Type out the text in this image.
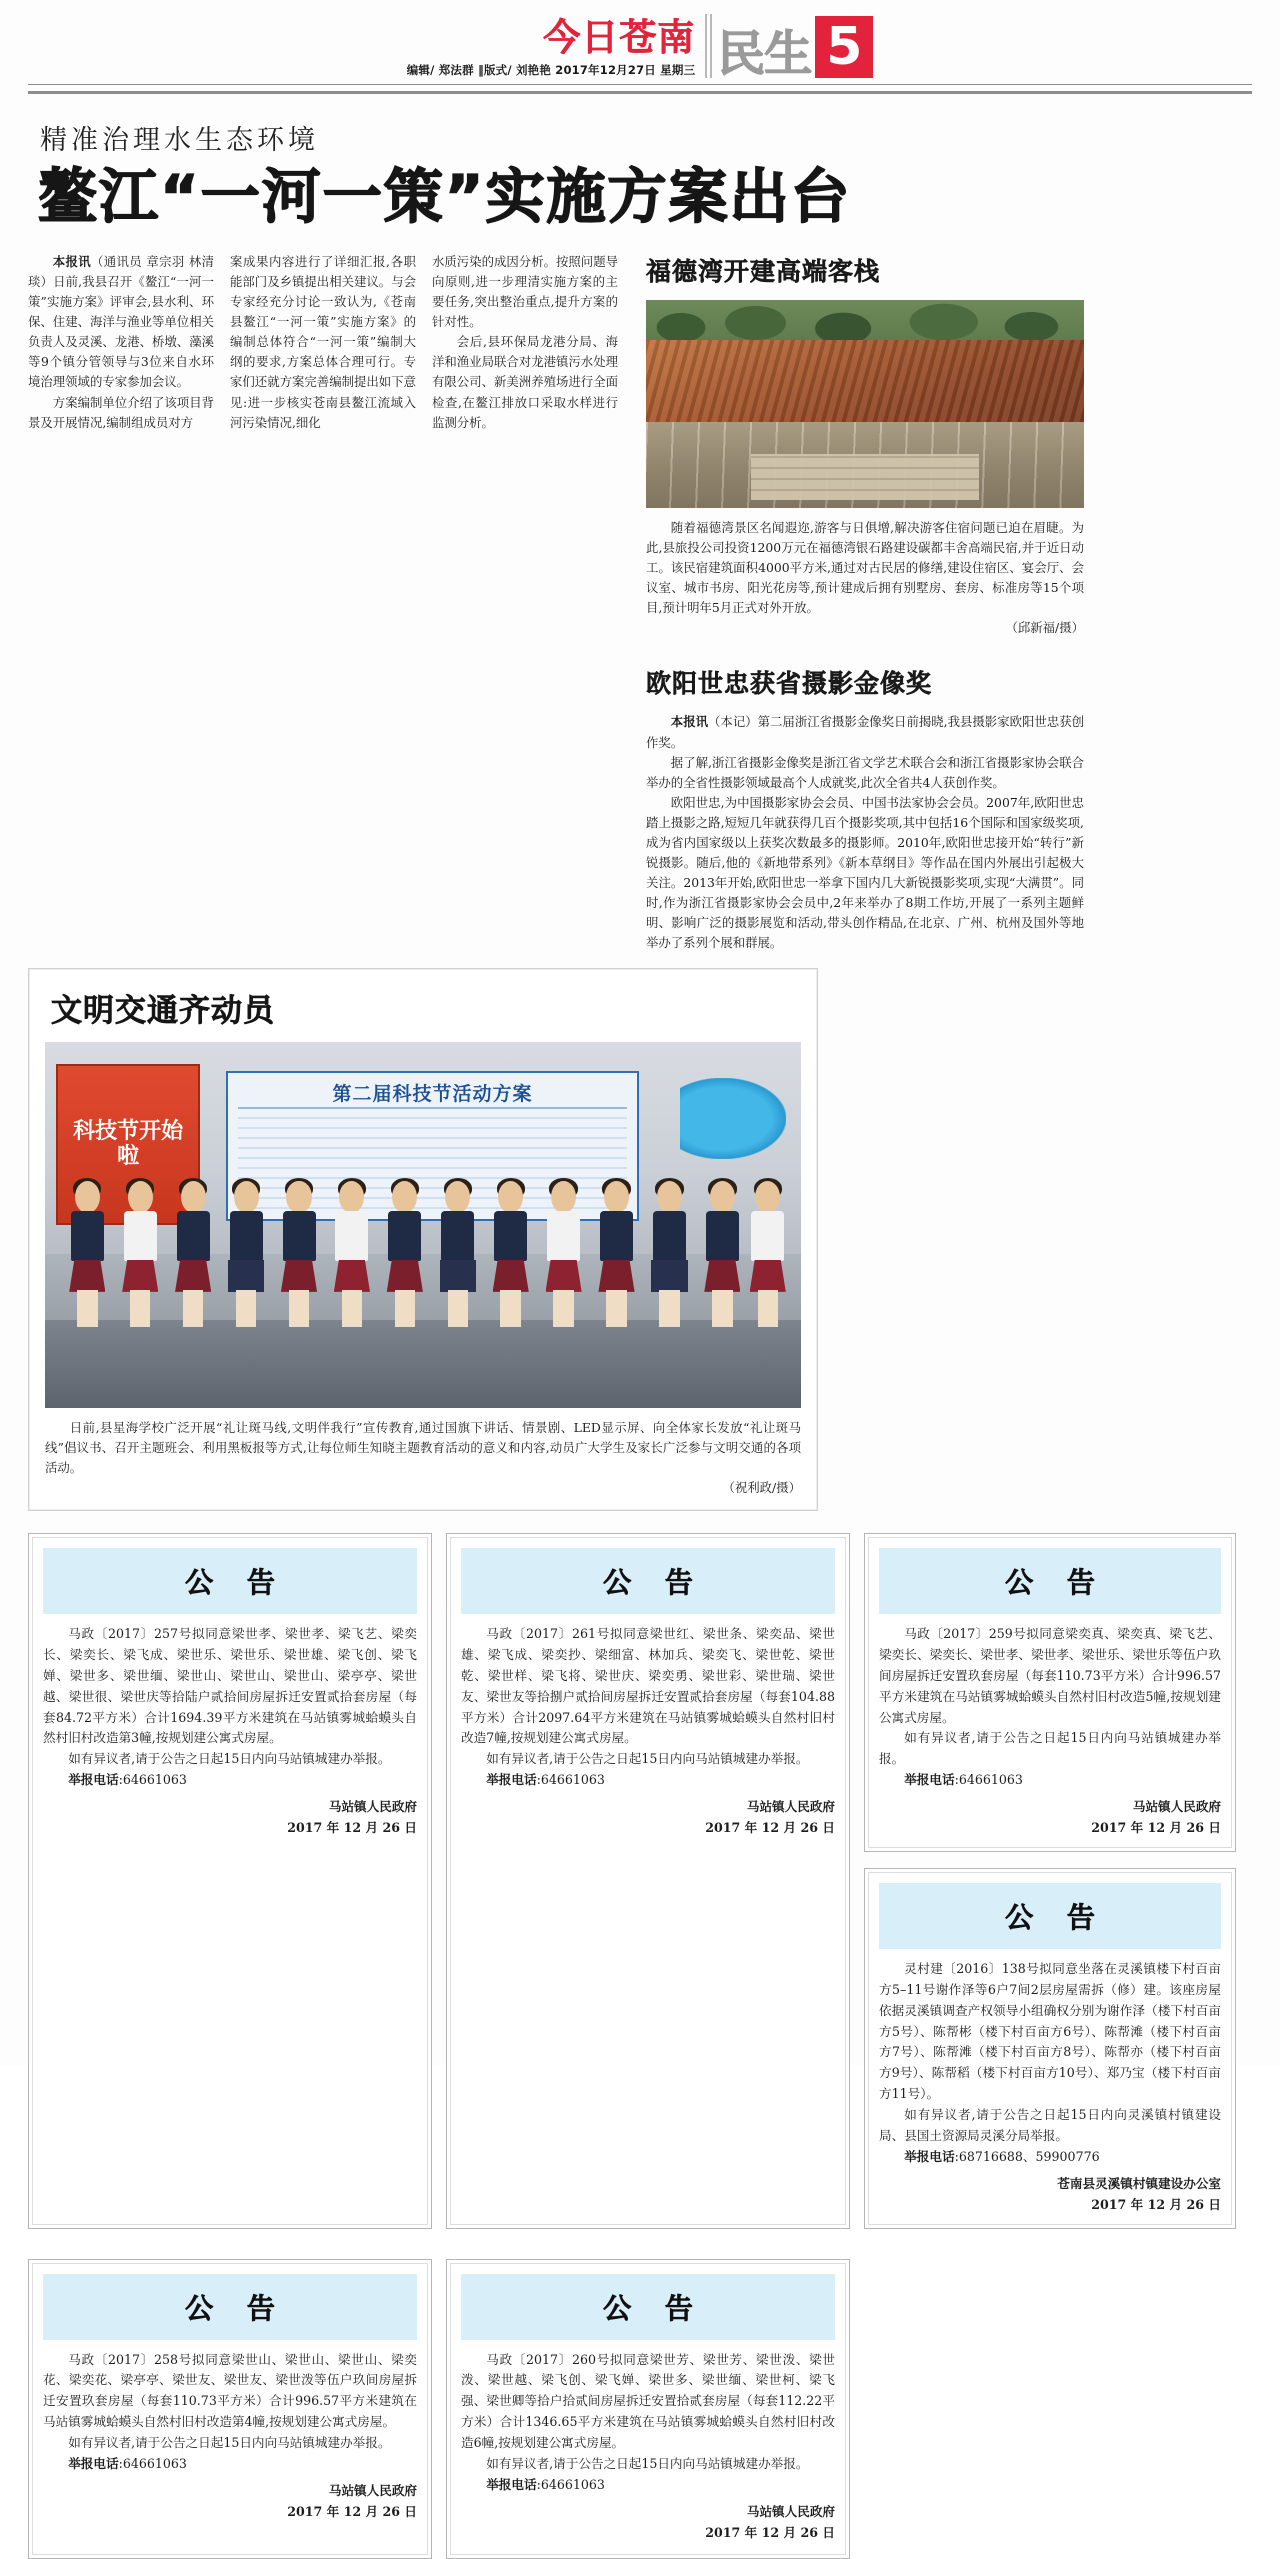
今日苍南
编辑/ 郑法群 ‖版式/ 刘艳艳 2017年12月27日 星期三 民生 5
精准治理水生态环境
鳌江“一河一策”实施方案出台

本报讯（通讯员 章宗羽 林清琰）日前,我县召开《鳌江“一河一策”实施方案》评审会,县水利、环保、住建、海洋与渔业等单位相关负责人及灵溪、龙港、桥墩、藻溪等9个镇分管领导与3位来自水环境治理领域的专家参加会议。

方案编制单位介绍了该项目背景及开展情况,编制组成员对方

案成果内容进行了详细汇报,各职能部门及乡镇提出相关建议。与会专家经充分讨论一致认为,《苍南县鳌江“一河一策”实施方案》的编制总体符合“一河一策”编制大纲的要求,方案总体合理可行。专家们还就方案完善编制提出如下意见:进一步核实苍南县鳌江流域入河污染情况,细化

水质污染的成因分析。按照问题导向原则,进一步理清实施方案的主要任务,突出整治重点,提升方案的针对性。

会后,县环保局龙港分局、海洋和渔业局联合对龙港镇污水处理有限公司、新美洲养殖场进行全面检查,在鳌江排放口采取水样进行监测分析。

福德湾开建高端客栈

随着福德湾景区名闻遐迩,游客与日俱增,解决游客住宿问题已迫在眉睫。为此,县旅投公司投资1200万元在福德湾银石路建设碳都丰舍高端民宿,并于近日动工。该民宿建筑面积4000平方米,通过对古民居的修缮,建设住宿区、宴会厅、会议室、城市书房、阳光花房等,预计建成后拥有别墅房、套房、标准房等15个项目,预计明年5月正式对外开放。

（邱新福/摄）
欧阳世忠获省摄影金像奖

本报讯（本记）第二届浙江省摄影金像奖日前揭晓,我县摄影家欧阳世忠获创作奖。

据了解,浙江省摄影金像奖是浙江省文学艺术联合会和浙江省摄影家协会联合举办的全省性摄影领域最高个人成就奖,此次全省共4人获创作奖。

欧阳世忠,为中国摄影家协会会员、中国书法家协会会员。2007年,欧阳世忠踏上摄影之路,短短几年就获得几百个摄影奖项,其中包括16个国际和国家级奖项,成为省内国家级以上获奖次数最多的摄影师。2010年,欧阳世忠接开始“转行”新锐摄影。随后,他的《新地带系列》《新本草纲目》等作品在国内外展出引起极大关注。2013年开始,欧阳世忠一举拿下国内几大新锐摄影奖项,实现“大满贯”。同时,作为浙江省摄影家协会会员中,2年来举办了8期工作坊,开展了一系列主题鲜明、影响广泛的摄影展览和活动,带头创作精品,在北京、广州、杭州及国外等地举办了系列个展和群展。

文明交通齐动员
科技节开始啦
第二届科技节活动方案

日前,县星海学校广泛开展“礼让斑马线,文明伴我行”宣传教育,通过国旗下讲话、情景剧、LED显示屏、向全体家长发放“礼让斑马线”倡议书、召开主题班会、利用黑板报等方式,让每位师生知晓主题教育活动的意义和内容,动员广大学生及家长广泛参与文明交通的各项活动。

（祝利政/摄）
公 告

马政〔2017〕257号拟同意梁世孝、梁世孝、梁飞艺、梁奕长、梁奕长、梁飞成、梁世乐、梁世乐、梁世雄、梁飞创、梁飞婵、梁世多、梁世缅、梁世山、梁世山、梁世山、梁亭亭、梁世越、梁世很、梁世庆等拾陆户贰拾间房屋拆迁安置贰拾套房屋（每套84.72平方米）合计1694.39平方米建筑在马站镇雾城蛤蟆头自然村旧村改造第3幢,按规划建公寓式房屋。

如有异议者,请于公告之日起15日内向马站镇城建办举报。

举报电话:64661063

马站镇人民政府
2017 年 12 月 26 日
公 告

马政〔2017〕261号拟同意梁世红、梁世条、梁奕品、梁世雄、梁飞成、梁奕抄、梁细富、林加兵、梁奕飞、梁世乾、梁世乾、梁世样、梁飞将、梁世庆、梁奕勇、梁世彩、梁世瑞、梁世友、梁世友等拾捌户贰拾间房屋拆迁安置贰拾套房屋（每套104.88平方米）合计2097.64平方米建筑在马站镇雾城蛤蟆头自然村旧村改造7幢,按规划建公寓式房屋。

如有异议者,请于公告之日起15日内向马站镇城建办举报。

举报电话:64661063

马站镇人民政府
2017 年 12 月 26 日
公 告

马政〔2017〕259号拟同意梁奕真、梁奕真、梁飞艺、梁奕长、梁奕长、梁世孝、梁世孝、梁世乐、梁世乐等伍户玖间房屋拆迁安置玖套房屋（每套110.73平方米）合计996.57平方米建筑在马站镇雾城蛤蟆头自然村旧村改造5幢,按规划建公寓式房屋。

如有异议者,请于公告之日起15日内向马站镇城建办举报。

举报电话:64661063

马站镇人民政府
2017 年 12 月 26 日
公 告

灵村建〔2016〕138号拟同意坐落在灵溪镇楼下村百亩方5–11号谢作泽等6户7间2层房屋需拆（修）建。该座房屋依据灵溪镇调查产权领导小组确权分别为谢作泽（楼下村百亩方5号）、陈帮彬（楼下村百亩方6号）、陈帮滩（楼下村百亩方7号）、陈帮滩（楼下村百亩方8号）、陈帮亦（楼下村百亩方9号）、陈帮稻（楼下村百亩方10号）、郑乃宝（楼下村百亩方11号）。

如有异议者,请于公告之日起15日内向灵溪镇村镇建设局、县国土资源局灵溪分局举报。

举报电话:68716688、59900776

苍南县灵溪镇村镇建设办公室
2017 年 12 月 26 日
公 告

马政〔2017〕258号拟同意梁世山、梁世山、梁世山、梁奕花、梁奕花、梁亭亭、梁世友、梁世友、梁世泼等伍户玖间房屋拆迁安置玖套房屋（每套110.73平方米）合计996.57平方米建筑在马站镇雾城蛤蟆头自然村旧村改造第4幢,按规划建公寓式房屋。

如有异议者,请于公告之日起15日内向马站镇城建办举报。

举报电话:64661063

马站镇人民政府
2017 年 12 月 26 日
公 告

马政〔2017〕260号拟同意梁世芳、梁世芳、梁世泼、梁世泼、梁世越、梁飞创、梁飞婵、梁世多、梁世缅、梁世柯、梁飞强、梁世卿等拾户拾贰间房屋拆迁安置拾贰套房屋（每套112.22平方米）合计1346.65平方米建筑在马站镇雾城蛤蟆头自然村旧村改造6幢,按规划建公寓式房屋。

如有异议者,请于公告之日起15日内向马站镇城建办举报。

举报电话:64661063

马站镇人民政府
2017 年 12 月 26 日
